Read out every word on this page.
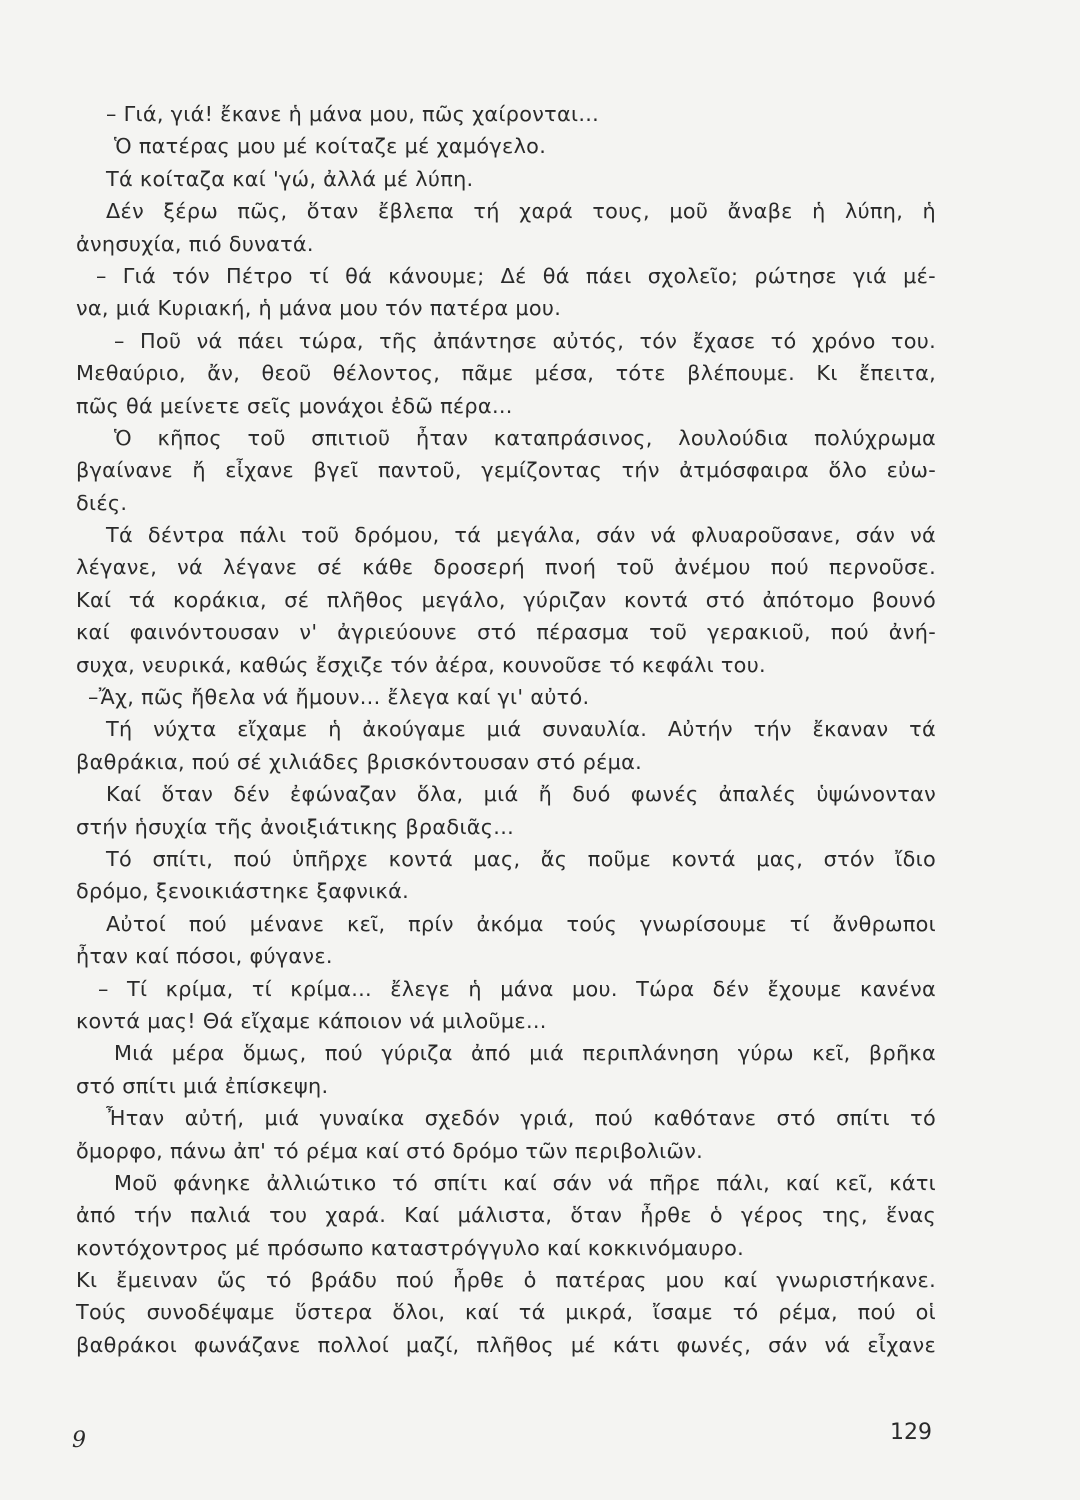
– Γιά, γιά! ἔκανε ἡ μάνα μου, πῶς χαίρονται...
Ὁ πατέρας μου μέ κοίταζε μέ χαμόγελο.
Τά κοίταζα καί 'γώ, ἀλλά μέ λύπη.
Δέν ξέρω πῶς, ὅταν ἔβλεπα τή χαρά τους, μοῦ ἄναβε ἡ λύπη, ἡ
ἀνησυχία, πιό δυνατά.
– Γιά τόν Πέτρο τί θά κάνουμε; Δέ θά πάει σχολεῖο; ρώτησε γιά μέ-
να, μιά Κυριακή, ἡ μάνα μου τόν πατέρα μου.
– Ποῦ νά πάει τώρα, τῆς ἀπάντησε αὐτός, τόν ἔχασε τό χρόνο του.
Μεθαύριο, ἄν, θεοῦ θέλοντος, πᾶμε μέσα, τότε βλέπουμε. Κι ἔπειτα,
πῶς θά μείνετε σεῖς μονάχοι ἐδῶ πέρα...
Ὁ κῆπος τοῦ σπιτιοῦ ἦταν καταπράσινος, λουλούδια πολύχρωμα
βγαίνανε ἤ εἶχανε βγεῖ παντοῦ, γεμίζοντας τήν ἀτμόσφαιρα ὅλο εὐω-
διές.
Τά δέντρα πάλι τοῦ δρόμου, τά μεγάλα, σάν νά φλυαροῦσανε, σάν νά
λέγανε, νά λέγανε σέ κάθε δροσερή πνοή τοῦ ἀνέμου πού περνοῦσε.
Καί τά κοράκια, σέ πλῆθος μεγάλο, γύριζαν κοντά στό ἀπότομο βουνό
καί φαινόντουσαν ν' ἀγριεύουνε στό πέρασμα τοῦ γερακιοῦ, πού ἀνή-
συχα, νευρικά, καθώς ἔσχιζε τόν ἀέρα, κουνοῦσε τό κεφάλι του.
–Ἄχ, πῶς ἤθελα νά ἤμουν... ἔλεγα καί γι' αὐτό.
Τή νύχτα εἴχαμε ἡ ἀκούγαμε μιά συναυλία. Αὐτήν τήν ἔκαναν τά
βαθράκια, πού σέ χιλιάδες βρισκόντουσαν στό ρέμα.
Καί ὅταν δέν ἐφώναζαν ὅλα, μιά ἤ δυό φωνές ἀπαλές ὑψώνονταν
στήν ἡσυχία τῆς ἀνοιξιάτικης βραδιᾶς...
Τό σπίτι, πού ὑπῆρχε κοντά μας, ἄς ποῦμε κοντά μας, στόν ἴδιο
δρόμο, ξενοικιάστηκε ξαφνικά.
Αὐτοί πού μένανε κεῖ, πρίν ἀκόμα τούς γνωρίσουμε τί ἄνθρωποι
ἦταν καί πόσοι, φύγανε.
– Τί κρίμα, τί κρίμα... ἔλεγε ἡ μάνα μου. Τώρα δέν ἔχουμε κανένα
κοντά μας! Θά εἴχαμε κάποιον νά μιλοῦμε...
Μιά μέρα ὅμως, πού γύριζα ἀπό μιά περιπλάνηση γύρω κεῖ, βρῆκα
στό σπίτι μιά ἐπίσκεψη.
Ἦταν αὐτή, μιά γυναίκα σχεδόν γριά, πού καθότανε στό σπίτι τό
ὄμορφο, πάνω ἀπ' τό ρέμα καί στό δρόμο τῶν περιβολιῶν.
Μοῦ φάνηκε ἀλλιώτικο τό σπίτι καί σάν νά πῆρε πάλι, καί κεῖ, κάτι
ἀπό τήν παλιά του χαρά. Καί μάλιστα, ὅταν ἦρθε ὁ γέρος της, ἕνας
κοντόχοντρος μέ πρόσωπο καταστρόγγυλο καί κοκκινόμαυρο.
Κι ἔμειναν ὥς τό βράδυ πού ἦρθε ὁ πατέρας μου καί γνωριστήκανε.
Τούς συνοδέψαμε ὕστερα ὅλοι, καί τά μικρά, ἴσαμε τό ρέμα, πού οἱ
βαθράκοι φωνάζανε πολλοί μαζί, πλῆθος μέ κάτι φωνές, σάν νά εἶχανε
9	129
